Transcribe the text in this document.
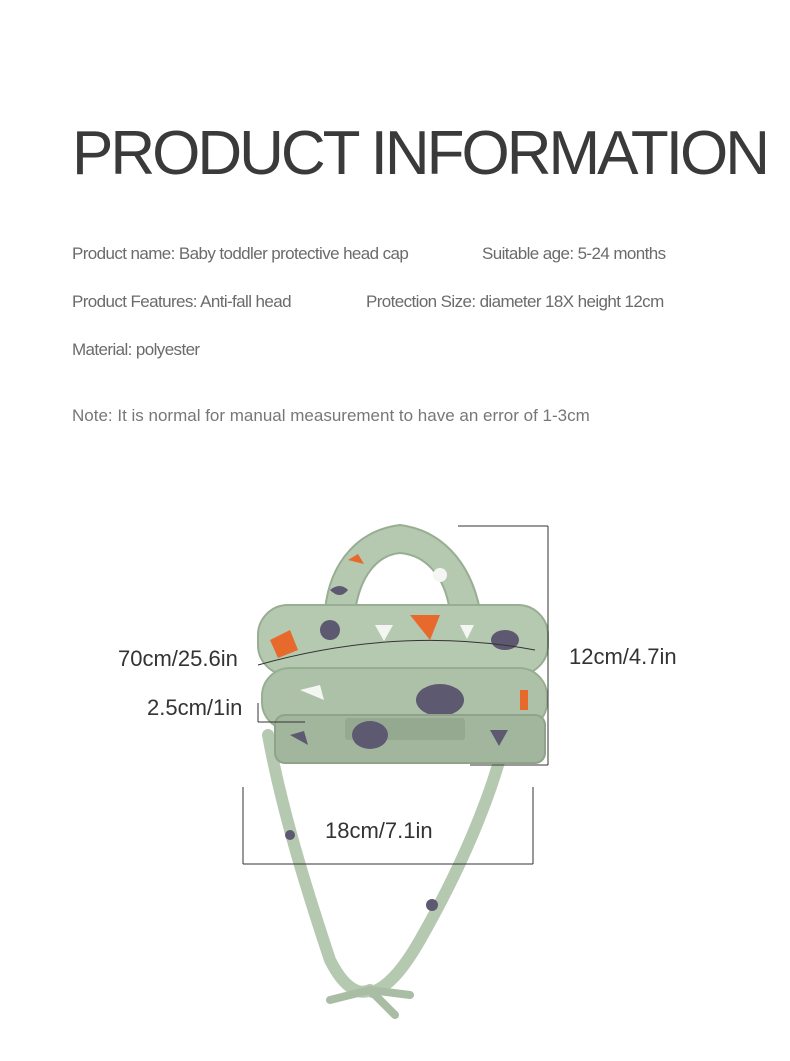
PRODUCT INFORMATION
Product name: Baby toddler protective head cap	Suitable age: 5-24 months
Product Features: Anti-fall head	Protection Size: diameter 18X height 12cm
Material: polyester
Note: It is normal for manual measurement to have an error of 1-3cm
70cm/25.6in
2.5cm/1in
12cm/4.7in
18cm/7.1in
